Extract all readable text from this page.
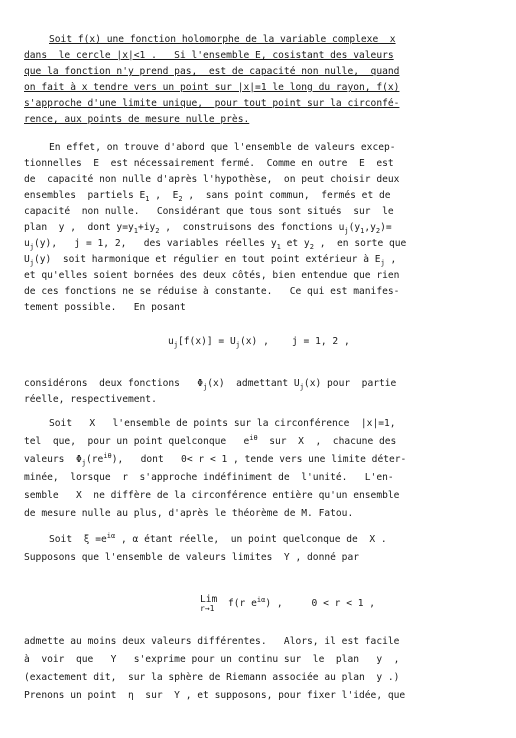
Soit f(x) une fonction holomorphe de la variable complexe  x
dans  le cercle |x|<1 .   Si l'ensemble E, cosistant des valeurs
que la fonction n'y prend pas,  est de capacité non nulle,  quand
on fait à x tendre vers un point sur |x|=1 le long du rayon, f(x)
s'approche d'une limite unique,  pour tout point sur la circonfé-
rence, aux points de mesure nulle près.
En effet, on trouve d'abord que l'ensemble de valeurs excep-
tionnelles  E  est nécessairement fermé.  Comme en outre  E  est
de  capacité non nulle d'après l'hypothèse,  on peut choisir deux
ensembles  partiels $E_1$ ,  $E_2$ ,  sans point commun,  fermés et de
capacité  non nulle.   Considérant que tous sont situés  sur  le
plan  y ,  dont $y=y_1+iy_2$ ,  construisons des fonctions $u_j(y_1,y_2)=$
$u_j(y)$,   j = 1, 2,   des variables réelles $y_1$ et $y_2$ ,  en sorte que
$U_j(y)$  soit harmonique et régulier en tout point extérieur à $E_j$ ,
et qu'elles soient bornées des deux côtés, bien entendue que rien
de ces fonctions ne se réduise à constante.   Ce qui est manifes-
tement possible.   En posant
$u_j[f(x)] = U_j(x)$ ,    j = 1, 2 ,
considérons  deux fonctions   $\Phi_j(x)$  admettant $U_j(x)$ pour  partie
réelle, respectivement.
Soit   X   l'ensemble de points sur la circonférence  |x|=1,
tel  que,  pour un point quelconque   $e^{i\theta}$  sur  X  ,  chacune des
valeurs  $\Phi_j(re^{i\theta})$,   dont   0< r < 1 , tende vers une limite déter-
minée,  lorsque  r  s'approche indéfiniment de  l'unité.   L'en-
semble   X  ne diffère de la circonférence entière qu'un ensemble
de mesure nulle au plus, d'après le théorème de M. Fatou.
Soit  $\xi =e^{i\alpha}$ , α étant réelle,  un point quelconque de  X .
Supposons que l'ensemble de valeurs limites  Y , donné par
Lim
r→1 f(r $e^{i\alpha}$) ,     0 < r < 1 ,
admette au moins deux valeurs différentes.   Alors, il est facile
à  voir  que   Y   s'exprime pour un continu sur  le  plan   y  ,
(exactement dit,  sur la sphère de Riemann associée au plan  y .)
Prenons un point  η  sur  Y , et supposons, pour fixer l'idée, que
